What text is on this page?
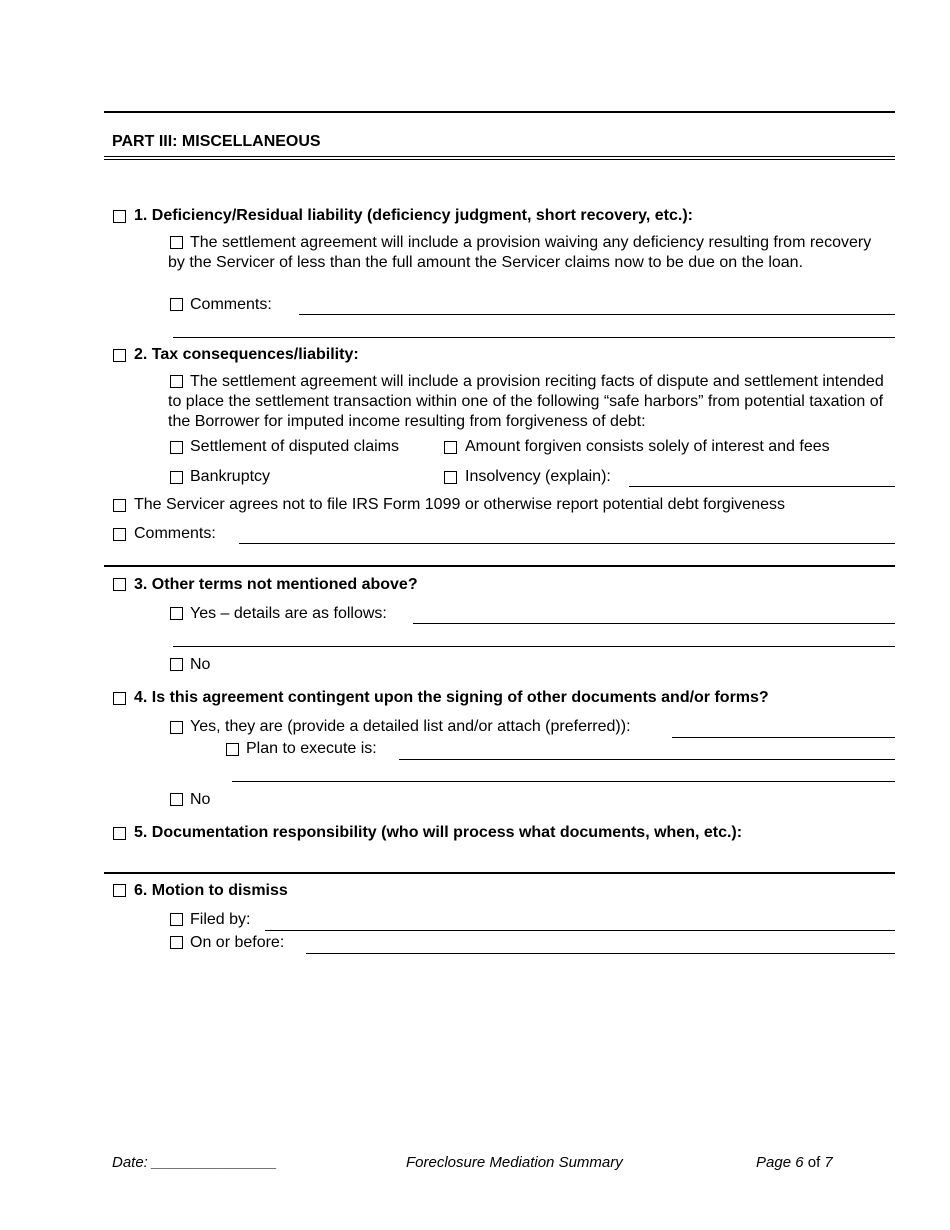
PART III: MISCELLANEOUS
1. Deficiency/Residual liability (deficiency judgment, short recovery, etc.):
The settlement agreement will include a provision waiving any deficiency resulting from recovery by the Servicer of less than the full amount the Servicer claims now to be due on the loan.
Comments:
2. Tax consequences/liability:
The settlement agreement will include a provision reciting facts of dispute and settlement intended to place the settlement transaction within one of the following “safe harbors” from potential taxation of the Borrower for imputed income resulting from forgiveness of debt:
Settlement of disputed claims	Amount forgiven consists solely of interest and fees
Bankruptcy	Insolvency (explain):
The Servicer agrees not to file IRS Form 1099 or otherwise report potential debt forgiveness
Comments:
3. Other terms not mentioned above?
Yes – details are as follows:
No
4. Is this agreement contingent upon the signing of other documents and/or forms?
Yes, they are (provide a detailed list and/or attach (preferred)):
Plan to execute is:
No
5. Documentation responsibility (who will process what documents, when, etc.):
6. Motion to dismiss
Filed by:
On or before:
Date: _______________	Foreclosure Mediation Summary	Page 6 of 7
